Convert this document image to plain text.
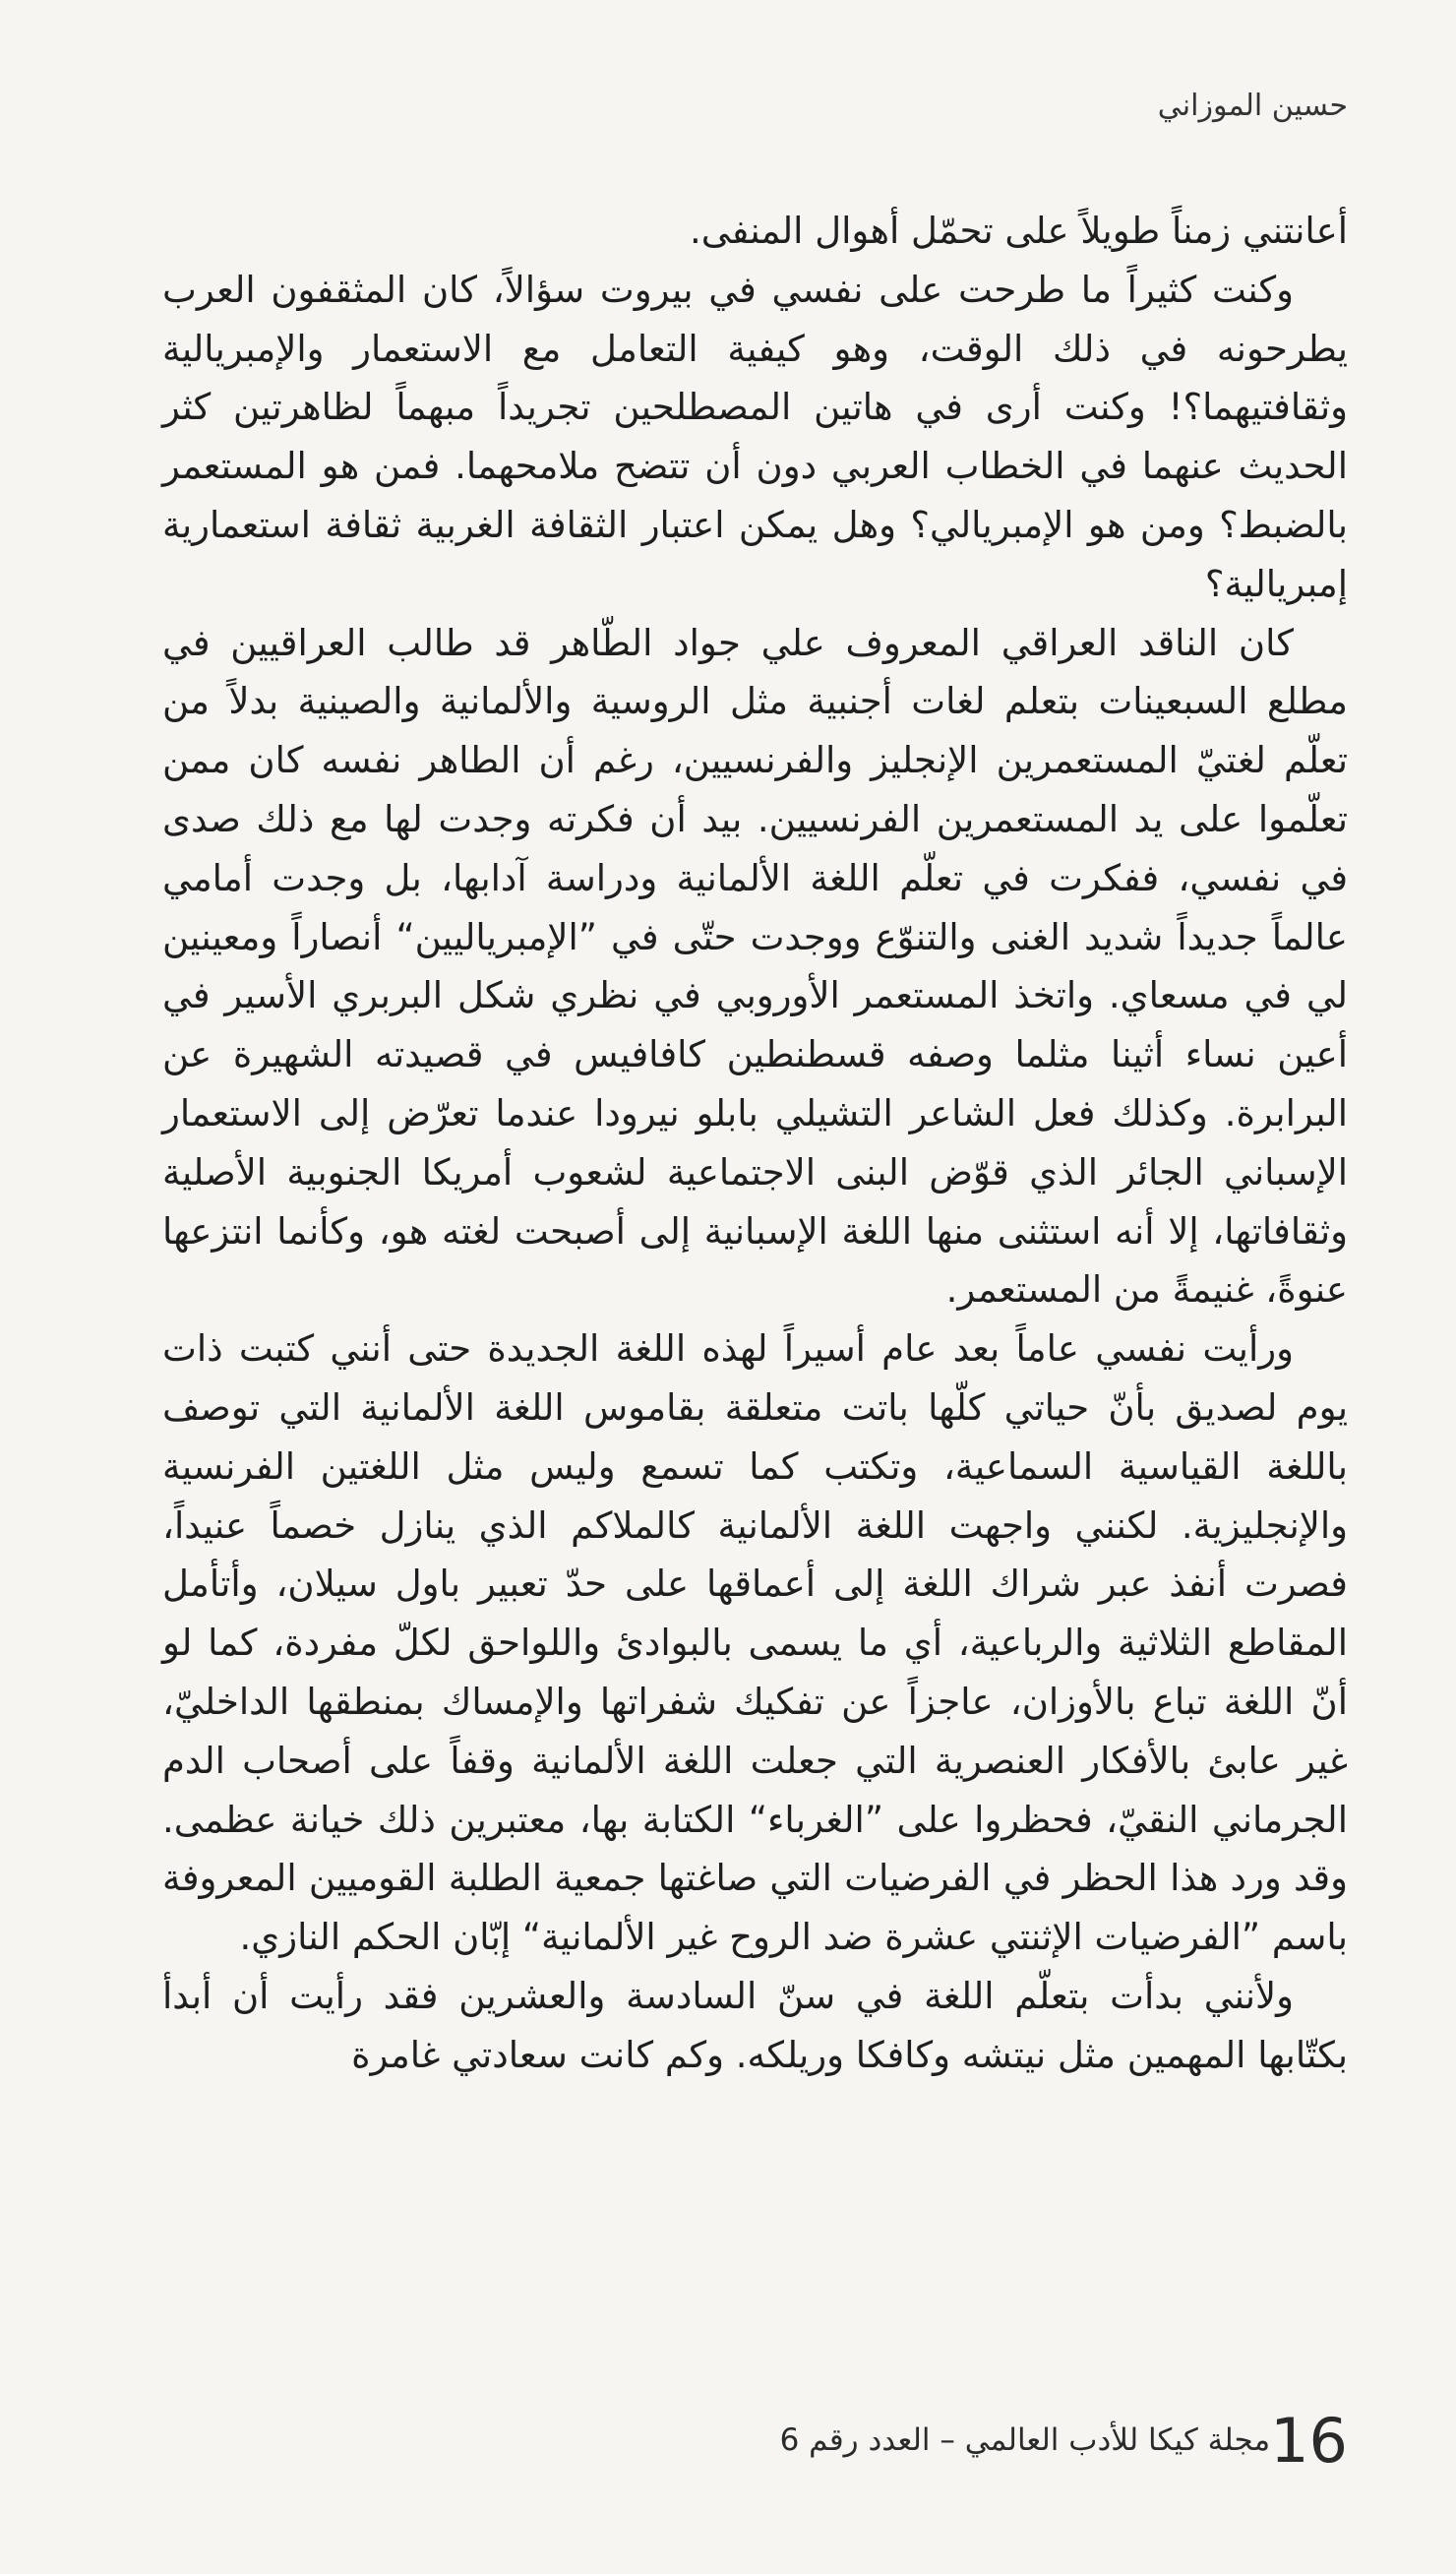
حسين الموزاني

أعانتني زمناً طويلاً على تحمّل أهوال المنفى.

وكنت كثيراً ما طرحت على نفسي في بيروت سؤالاً، كان المثقفون العرب يطرحونه في ذلك الوقت، وهو كيفية التعامل مع الاستعمار والإمبريالية وثقافتيهما؟! وكنت أرى في هاتين المصطلحين تجريداً مبهماً لظاهرتين كثر الحديث عنهما في الخطاب العربي دون أن تتضح ملامحهما. فمن هو المستعمر بالضبط؟ ومن هو الإمبريالي؟ وهل يمكن اعتبار الثقافة الغربية ثقافة استعمارية إمبريالية؟

كان الناقد العراقي المعروف علي جواد الطّاهر قد طالب العراقيين في مطلع السبعينات بتعلم لغات أجنبية مثل الروسية والألمانية والصينية بدلاً من تعلّم لغتيّ المستعمرين الإنجليز والفرنسيين، رغم أن الطاهر نفسه كان ممن تعلّموا على يد المستعمرين الفرنسيين. بيد أن فكرته وجدت لها مع ذلك صدى في نفسي، ففكرت في تعلّم اللغة الألمانية ودراسة آدابها، بل وجدت أمامي عالماً جديداً شديد الغنى والتنوّع ووجدت حتّى في ”الإمبرياليين“ أنصاراً ومعينين لي في مسعاي. واتخذ المستعمر الأوروبي في نظري شكل البربري الأسير في أعين نساء أثينا مثلما وصفه قسطنطين كافافيس في قصيدته الشهيرة عن البرابرة. وكذلك فعل الشاعر التشيلي بابلو نيرودا عندما تعرّض إلى الاستعمار الإسباني الجائر الذي قوّض البنى الاجتماعية لشعوب أمريكا الجنوبية الأصلية وثقافاتها، إلا أنه استثنى منها اللغة الإسبانية إلى أصبحت لغته هو، وكأنما انتزعها عنوةً، غنيمةً من المستعمر.

ورأيت نفسي عاماً بعد عام أسيراً لهذه اللغة الجديدة حتى أنني كتبت ذات يوم لصديق بأنّ حياتي كلّها باتت متعلقة بقاموس اللغة الألمانية التي توصف باللغة القياسية السماعية، وتكتب كما تسمع وليس مثل اللغتين الفرنسية والإنجليزية. لكنني واجهت اللغة الألمانية كالملاكم الذي ينازل خصماً عنيداً، فصرت أنفذ عبر شراك اللغة إلى أعماقها على حدّ تعبير باول سيلان، وأتأمل المقاطع الثلاثية والرباعية، أي ما يسمى بالبوادئ واللواحق لكلّ مفردة، كما لو أنّ اللغة تباع بالأوزان، عاجزاً عن تفكيك شفراتها والإمساك بمنطقها الداخليّ، غير عابئ بالأفكار العنصرية التي جعلت اللغة الألمانية وقفاً على أصحاب الدم الجرماني النقيّ، فحظروا على ”الغرباء“ الكتابة بها، معتبرين ذلك خيانة عظمى. وقد ورد هذا الحظر في الفرضيات التي صاغتها جمعية الطلبة القوميين المعروفة باسم ”الفرضيات الإثنتي عشرة ضد الروح غير الألمانية“ إبّان الحكم النازي.

ولأنني بدأت بتعلّم اللغة في سنّ السادسة والعشرين فقد رأيت أن أبدأ بكتّابها المهمين مثل نيتشه وكافكا وريلكه. وكم كانت سعادتي غامرة

16
مجلة كيكا للأدب العالمي – العدد رقم 6
